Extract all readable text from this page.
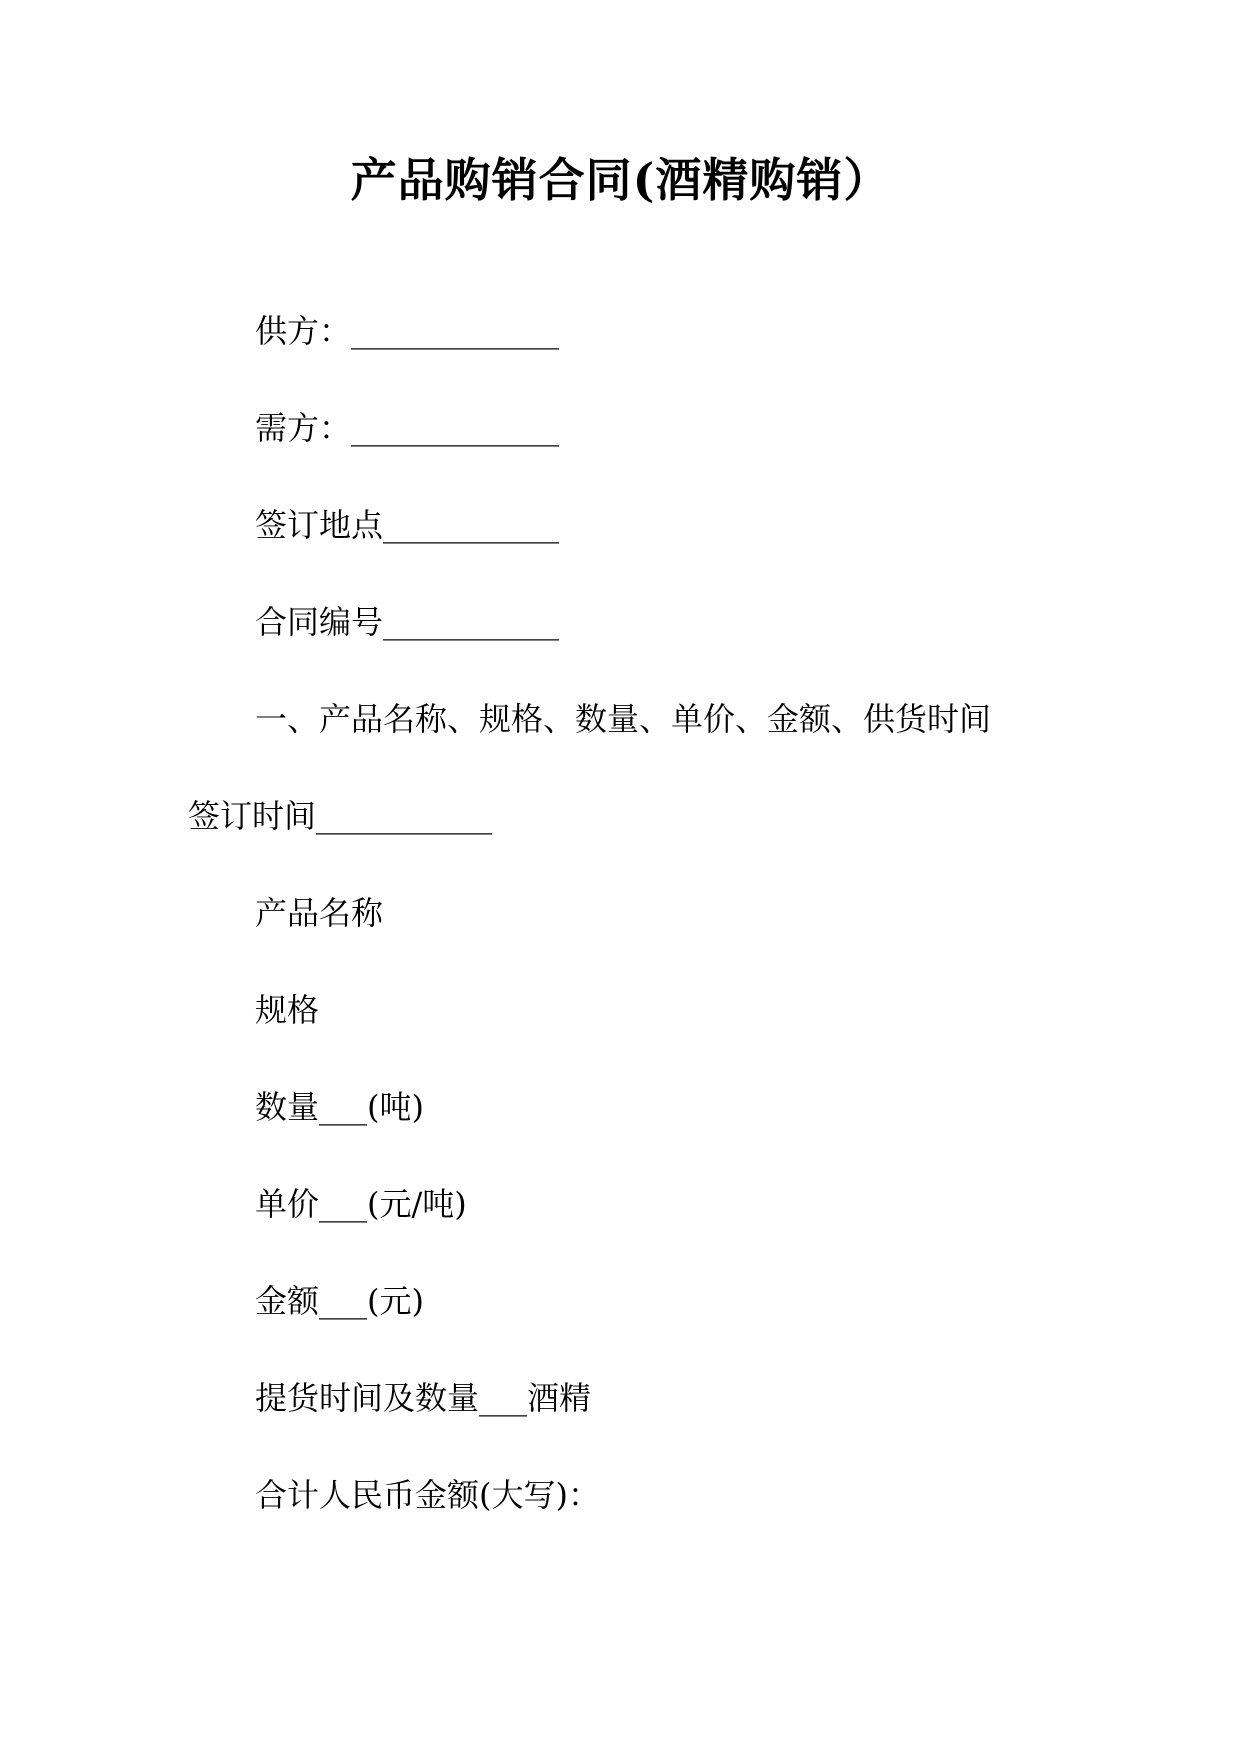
产品购销合同(酒精购销）
供方：_____________
需方：_____________
签订地点___________
合同编号___________
一、产品名称、规格、数量、单价、金额、供货时间
签订时间___________
产品名称
规格
数量___(吨)
单价___(元/吨)
金额___(元)
提货时间及数量___酒精
合计人民币金额(大写)：
